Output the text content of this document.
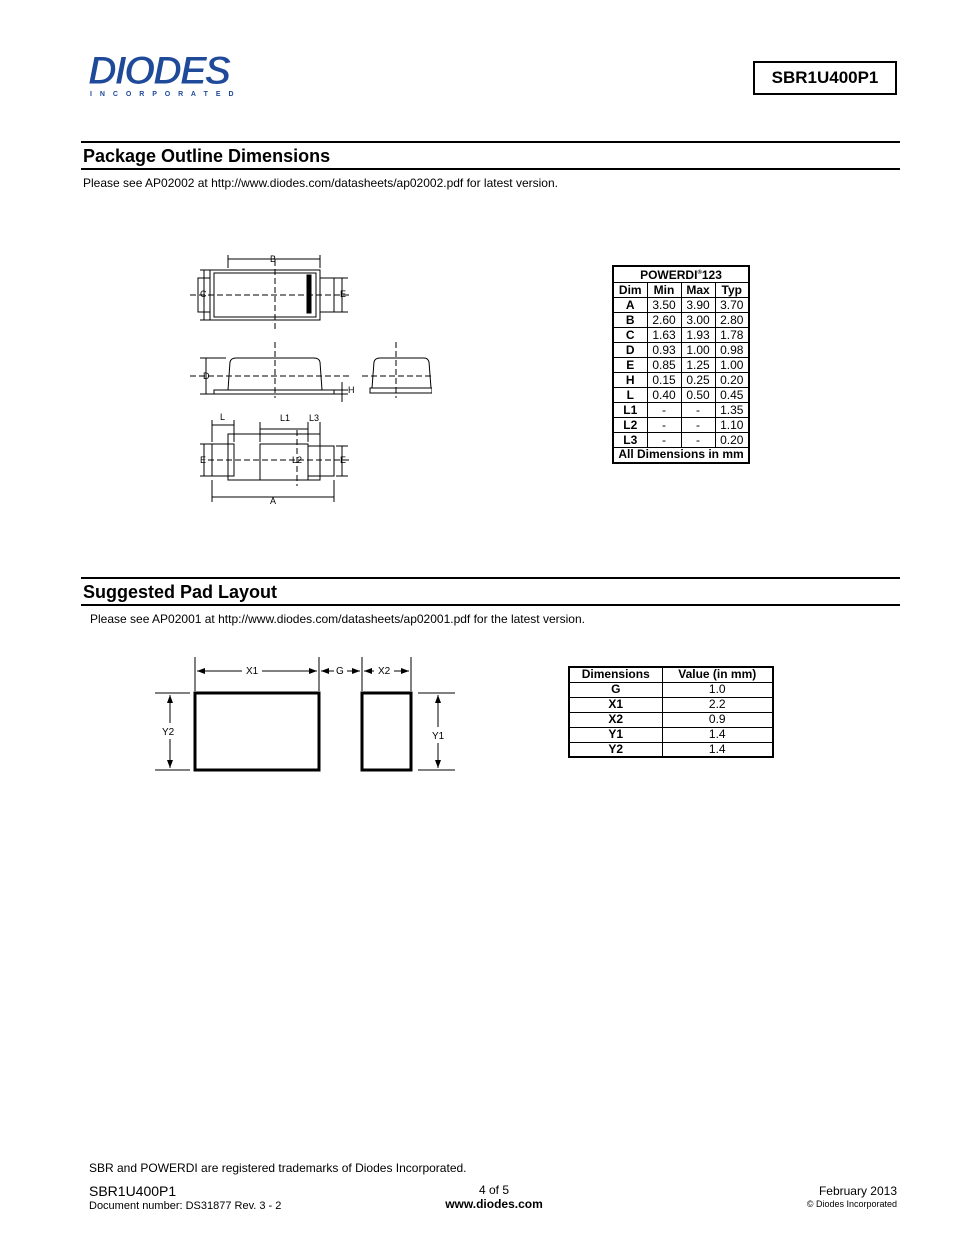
DIODES
I N C O R P O R A T E D
SBR1U400P1
Package Outline Dimensions
Please see AP02002 at http://www.diodes.com/datasheets/ap02002.pdf for latest version.
B
C	E
D
H
L	L1 L3
E	L2	E
A
POWERDI®123			
Dim	Min	Max	Typ
A	3.50	3.90	3.70
B	2.60	3.00	2.80
C	1.63	1.93	1.78
D	0.93	1.00	0.98
E	0.85	1.25	1.00
H	0.15	0.25	0.20
L	0.40	0.50	0.45
L1	-	-	1.35
L2	-	-	1.10
L3	-	-	0.20
All Dimensions in mm			
Suggested Pad Layout
Please see AP02001 at http://www.diodes.com/datasheets/ap02001.pdf for the latest version.
X1	G	X2
Y2	Y1
Dimensions	Value (in mm)
G	1.0
X1	2.2
X2	0.9
Y1	1.4
Y2	1.4
SBR and POWERDI are registered trademarks of Diodes Incorporated.
SBR1U400P1
Document number: DS31877 Rev. 3 - 2
4 of 5
www.diodes.com
February 2013
© Diodes Incorporated
